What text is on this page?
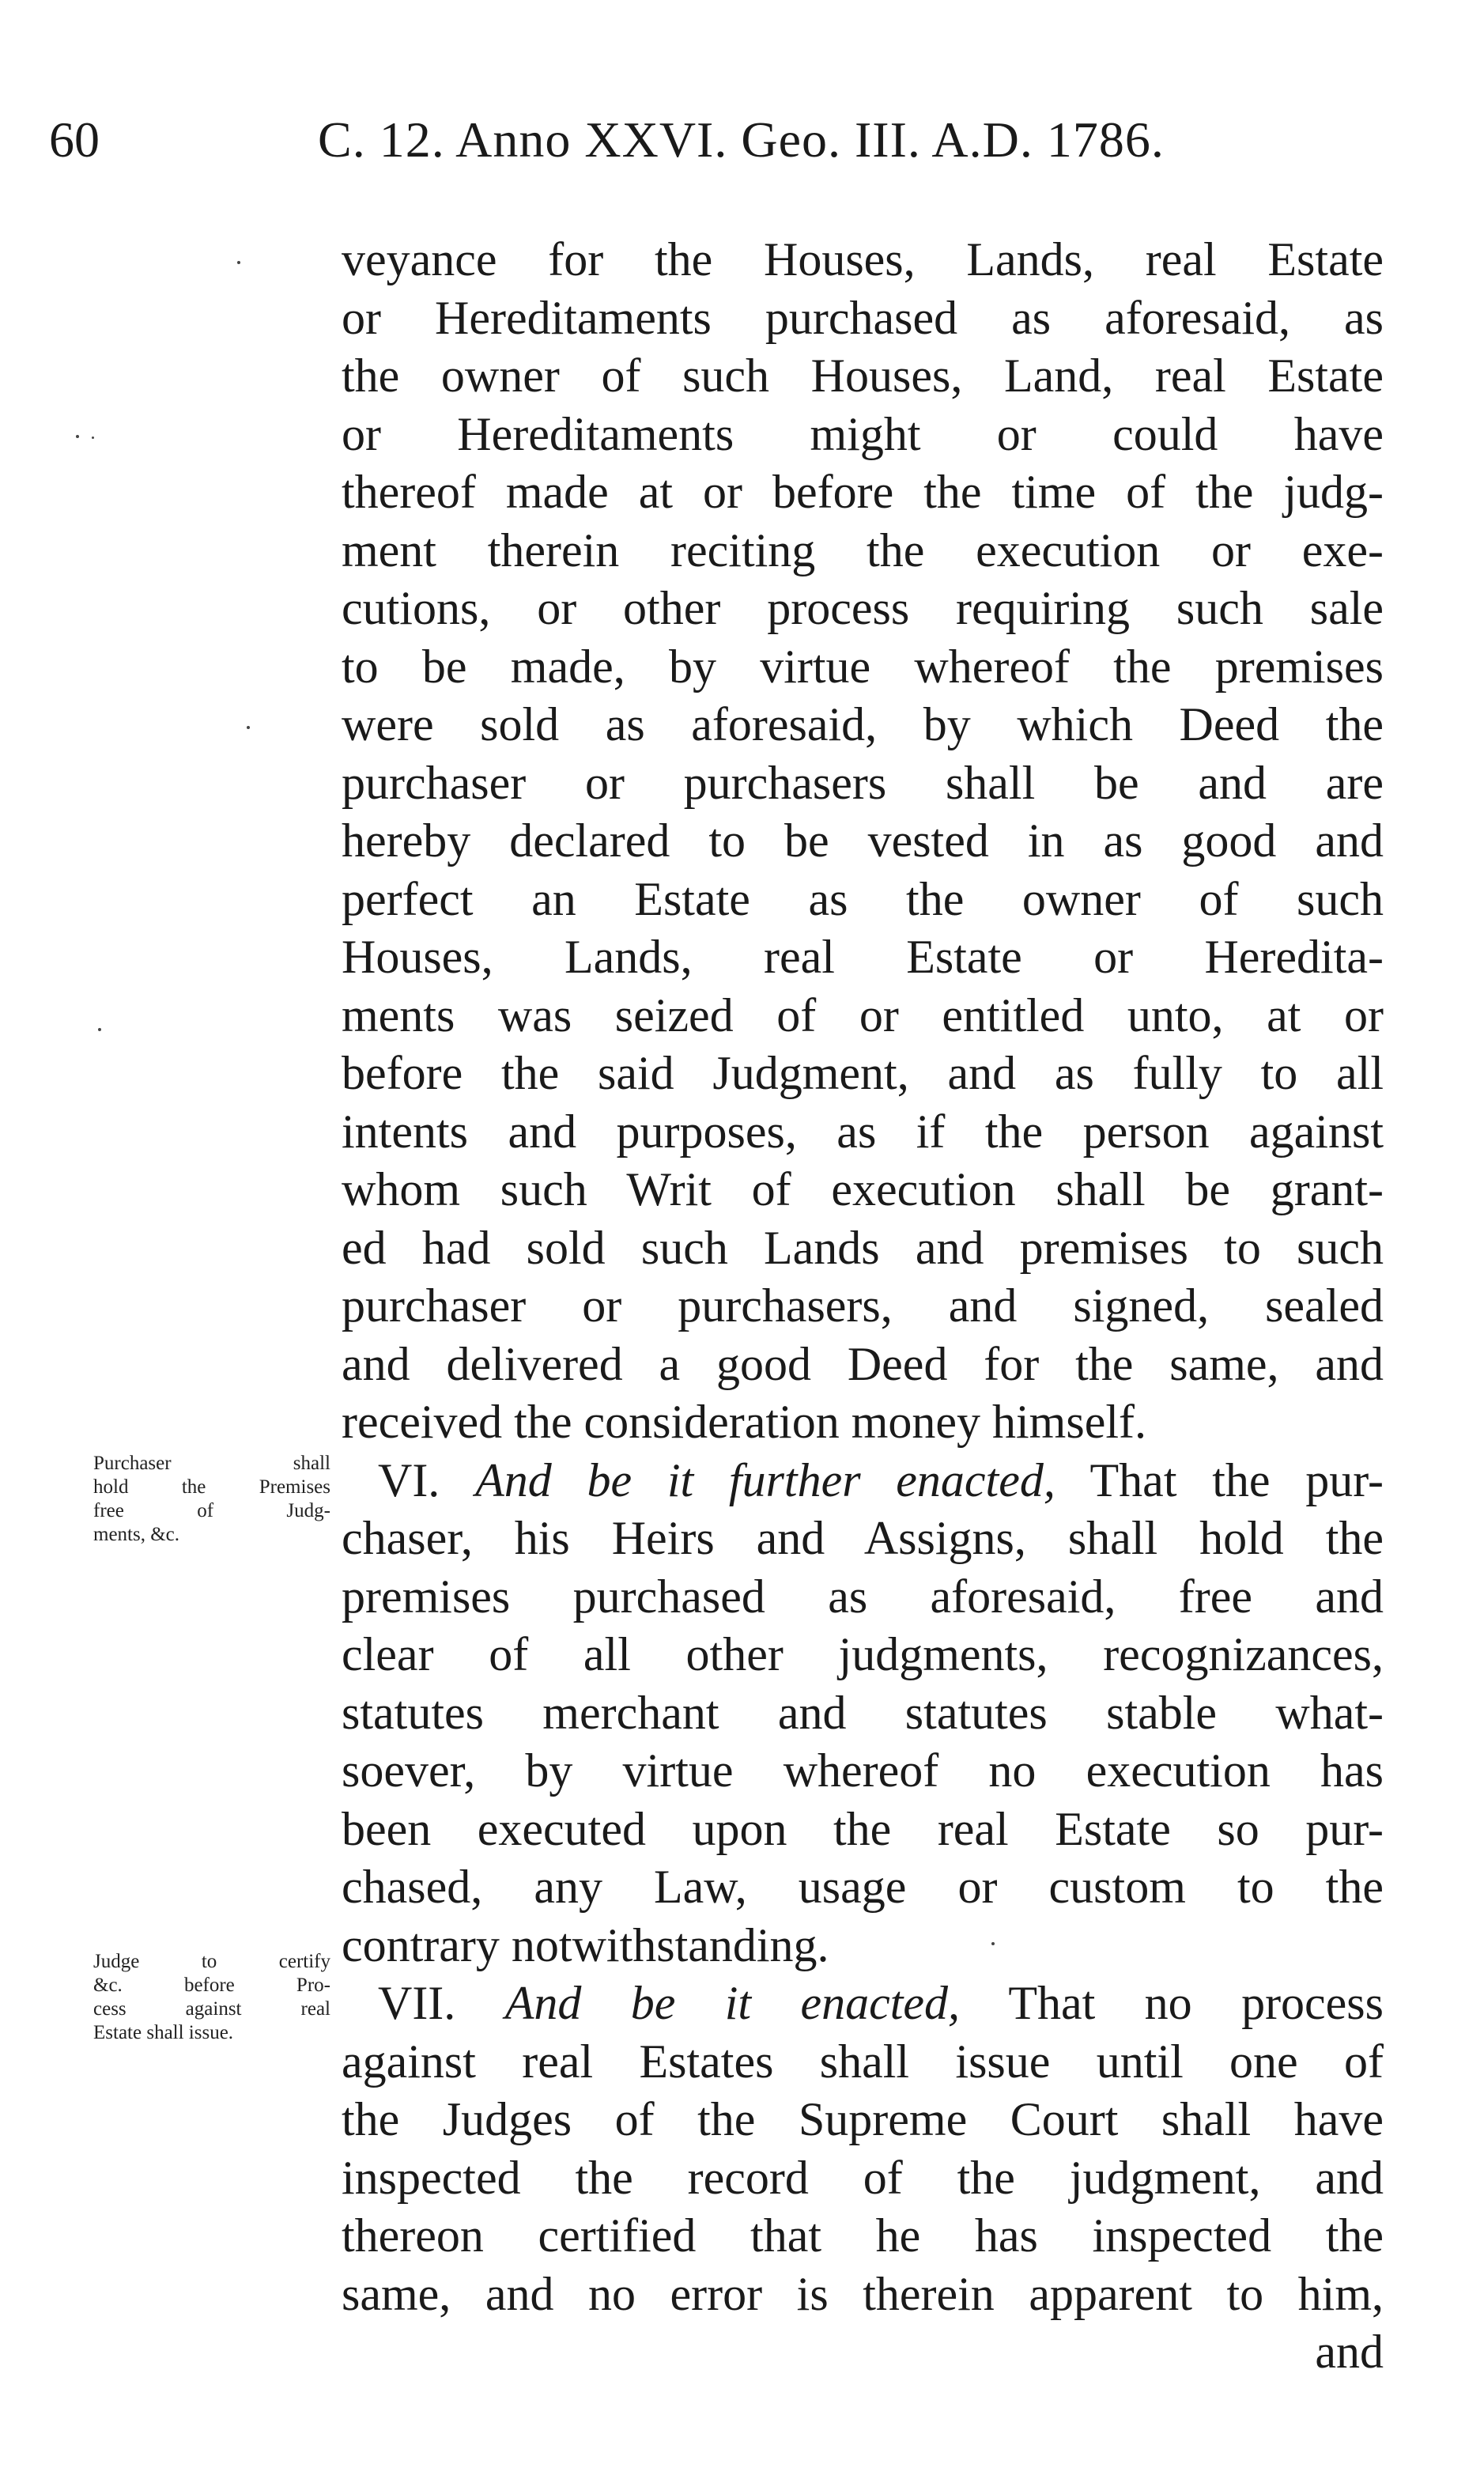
60	C. 12. Anno XXVI. Geo. III. A.D. 1786.
veyance for the Houses, Lands, real Estate
or Hereditaments purchased as aforesaid, as
the owner of such Houses, Land, real Estate
or Hereditaments might or could have
thereof made at or before the time of the judg-
ment therein reciting the execution or exe-
cutions, or other process requiring such sale
to be made, by virtue whereof the premises
were sold as aforesaid, by which Deed the
purchaser or purchasers shall be and are
hereby declared to be vested in as good and
perfect an Estate as the owner of such
Houses, Lands, real Estate or Heredita-
ments was seized of or entitled unto, at or
before the said Judgment, and as fully to all
intents and purposes, as if the person against
whom such Writ of execution shall be grant-
ed had sold such Lands and premises to such
purchaser or purchasers, and signed, sealed
and delivered a good Deed for the same, and
received the consideration money himself.
VI. And be it further enacted, That the pur-
chaser, his Heirs and Assigns, shall hold the
premises purchased as aforesaid, free and
clear of all other judgments, recognizances,
statutes merchant and statutes stable what-
soever, by virtue whereof no execution has
been executed upon the real Estate so pur-
chased, any Law, usage or custom to the
contrary notwithstanding.
VII. And be it enacted, That no process
against real Estates shall issue until one of
the Judges of the Supreme Court shall have
inspected the record of the judgment, and
thereon certified that he has inspected the
same, and no error is therein apparent to him,
and
Purchaser shall
hold the Premises
free of Judg-
ments, &c.
Judge to certify
&c. before Pro-
cess against real
Estate shall issue.
